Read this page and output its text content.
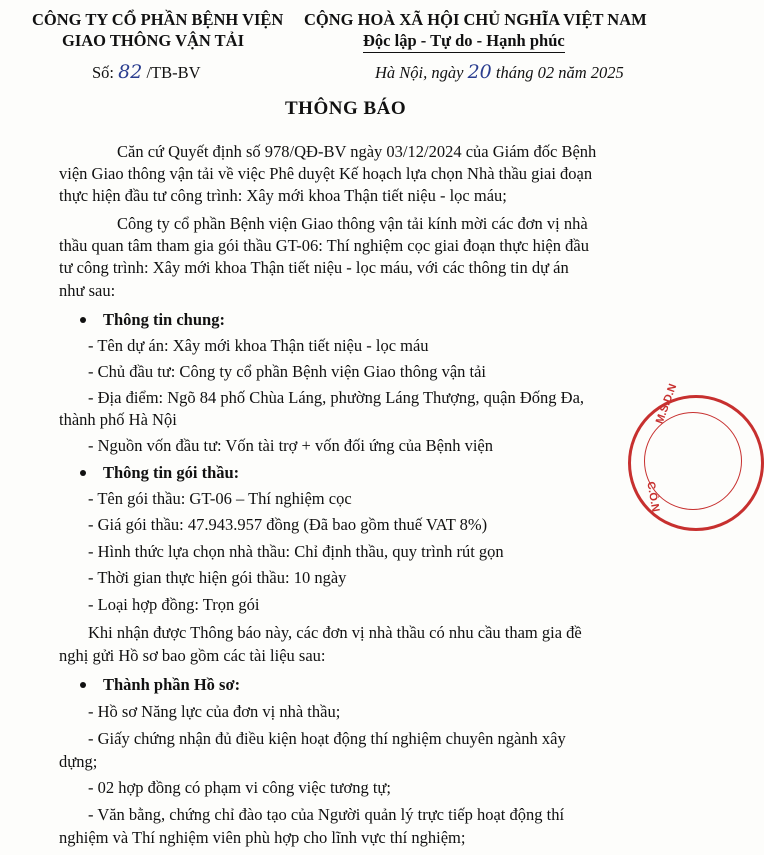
CÔNG TY CỔ PHẦN BỆNH VIỆN
GIAO THÔNG VẬN TẢI
CỘNG HOÀ XÃ HỘI CHỦ NGHĨA VIỆT NAM
Độc lập - Tự do - Hạnh phúc
Số: 82 /TB-BV	Hà Nội, ngày 20 tháng 02 năm 2025
THÔNG BÁO
Căn cứ Quyết định số 978/QĐ-BV ngày 03/12/2024 của Giám đốc Bệnh
viện Giao thông vận tải về việc Phê duyệt Kế hoạch lựa chọn Nhà thầu giai đoạn
thực hiện đầu tư công trình: Xây mới khoa Thận tiết niệu - lọc máu;
Công ty cổ phần Bệnh viện Giao thông vận tải kính mời các đơn vị nhà
thầu quan tâm tham gia gói thầu GT-06: Thí nghiệm cọc giai đoạn thực hiện đầu
tư công trình: Xây mới khoa Thận tiết niệu - lọc máu, với các thông tin dự án
như sau:
Thông tin chung:
- Tên dự án: Xây mới khoa Thận tiết niệu - lọc máu
- Chủ đầu tư: Công ty cổ phần Bệnh viện Giao thông vận tải
- Địa điểm: Ngõ 84 phố Chùa Láng, phường Láng Thượng, quận Đống Đa,
thành phố Hà Nội
- Nguồn vốn đầu tư: Vốn tài trợ + vốn đối ứng của Bệnh viện
Thông tin gói thầu:
- Tên gói thầu: GT-06 – Thí nghiệm cọc
- Giá gói thầu: 47.943.957 đồng (Đã bao gồm thuế VAT 8%)
- Hình thức lựa chọn nhà thầu: Chỉ định thầu, quy trình rút gọn
- Thời gian thực hiện gói thầu: 10 ngày
- Loại hợp đồng: Trọn gói
Khi nhận được Thông báo này, các đơn vị nhà thầu có nhu cầu tham gia đề
nghị gửi Hồ sơ bao gồm các tài liệu sau:
Thành phần Hồ sơ:
- Hồ sơ Năng lực của đơn vị nhà thầu;
- Giấy chứng nhận đủ điều kiện hoạt động thí nghiệm chuyên ngành xây
dựng;
- 02 hợp đồng có phạm vi công việc tương tự;
- Văn bằng, chứng chỉ đào tạo của Người quản lý trực tiếp hoạt động thí
nghiệm và Thí nghiệm viên phù hợp cho lĩnh vực thí nghiệm;
M.S.D.N
C.Ô.N
